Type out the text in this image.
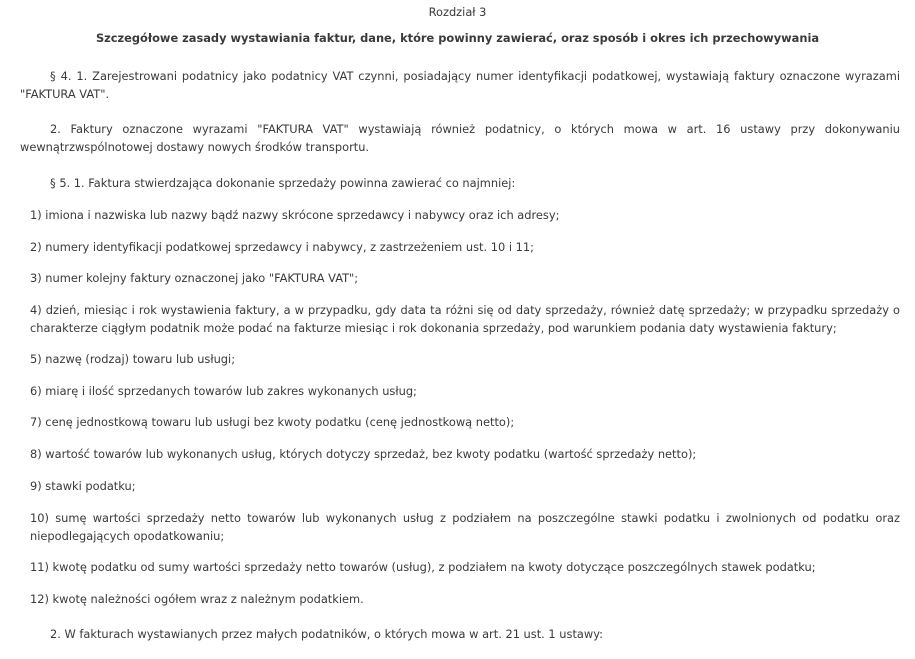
Rozdział 3
Szczegółowe zasady wystawiania faktur, dane, które powinny zawierać, oraz sposób i okres ich przechowywania

§ 4. 1. Zarejestrowani podatnicy jako podatnicy VAT czynni, posiadający numer identyfikacji podatkowej, wystawiają faktury oznaczone wyrazami "FAKTURA VAT".

2. Faktury oznaczone wyrazami "FAKTURA VAT" wystawiają również podatnicy, o których mowa w art. 16 ustawy przy dokonywaniu wewnątrzwspólnotowej dostawy nowych środków transportu.

§ 5. 1. Faktura stwierdzająca dokonanie sprzedaży powinna zawierać co najmniej:

1) imiona i nazwiska lub nazwy bądź nazwy skrócone sprzedawcy i nabywcy oraz ich adresy;

2) numery identyfikacji podatkowej sprzedawcy i nabywcy, z zastrzeżeniem ust. 10 i 11;

3) numer kolejny faktury oznaczonej jako "FAKTURA VAT";

4) dzień, miesiąc i rok wystawienia faktury, a w przypadku, gdy data ta różni się od daty sprzedaży, również datę sprzedaży; w przypadku sprzedaży o charakterze ciągłym podatnik może podać na fakturze miesiąc i rok dokonania sprzedaży, pod warunkiem podania daty wystawienia faktury;

5) nazwę (rodzaj) towaru lub usługi;

6) miarę i ilość sprzedanych towarów lub zakres wykonanych usług;

7) cenę jednostkową towaru lub usługi bez kwoty podatku (cenę jednostkową netto);

8) wartość towarów lub wykonanych usług, których dotyczy sprzedaż, bez kwoty podatku (wartość sprzedaży netto);

9) stawki podatku;

10) sumę wartości sprzedaży netto towarów lub wykonanych usług z podziałem na poszczególne stawki podatku i zwolnionych od podatku oraz niepodlegających opodatkowaniu;

11) kwotę podatku od sumy wartości sprzedaży netto towarów (usług), z podziałem na kwoty dotyczące poszczególnych stawek podatku;

12) kwotę należności ogółem wraz z należnym podatkiem.

2. W fakturach wystawianych przez małych podatników, o których mowa w art. 21 ust. 1 ustawy:
